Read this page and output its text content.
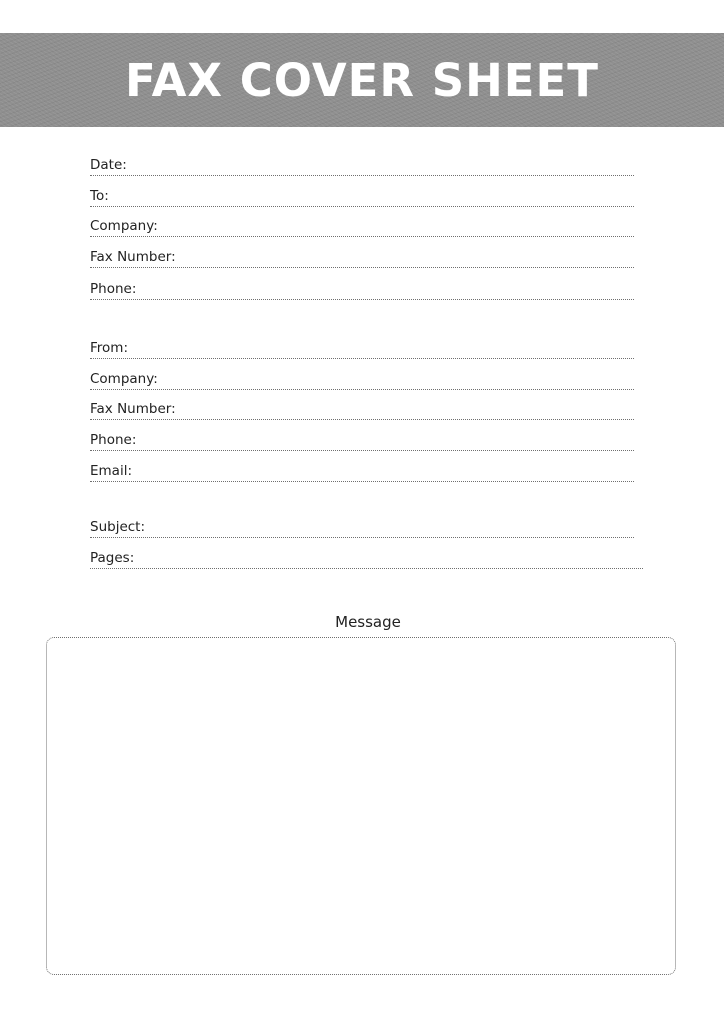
FAX COVER SHEET
Date:
To:
Company:
Fax Number:
Phone:
From:
Company:
Fax Number:
Phone:
Email:
Subject:
Pages:
Message
